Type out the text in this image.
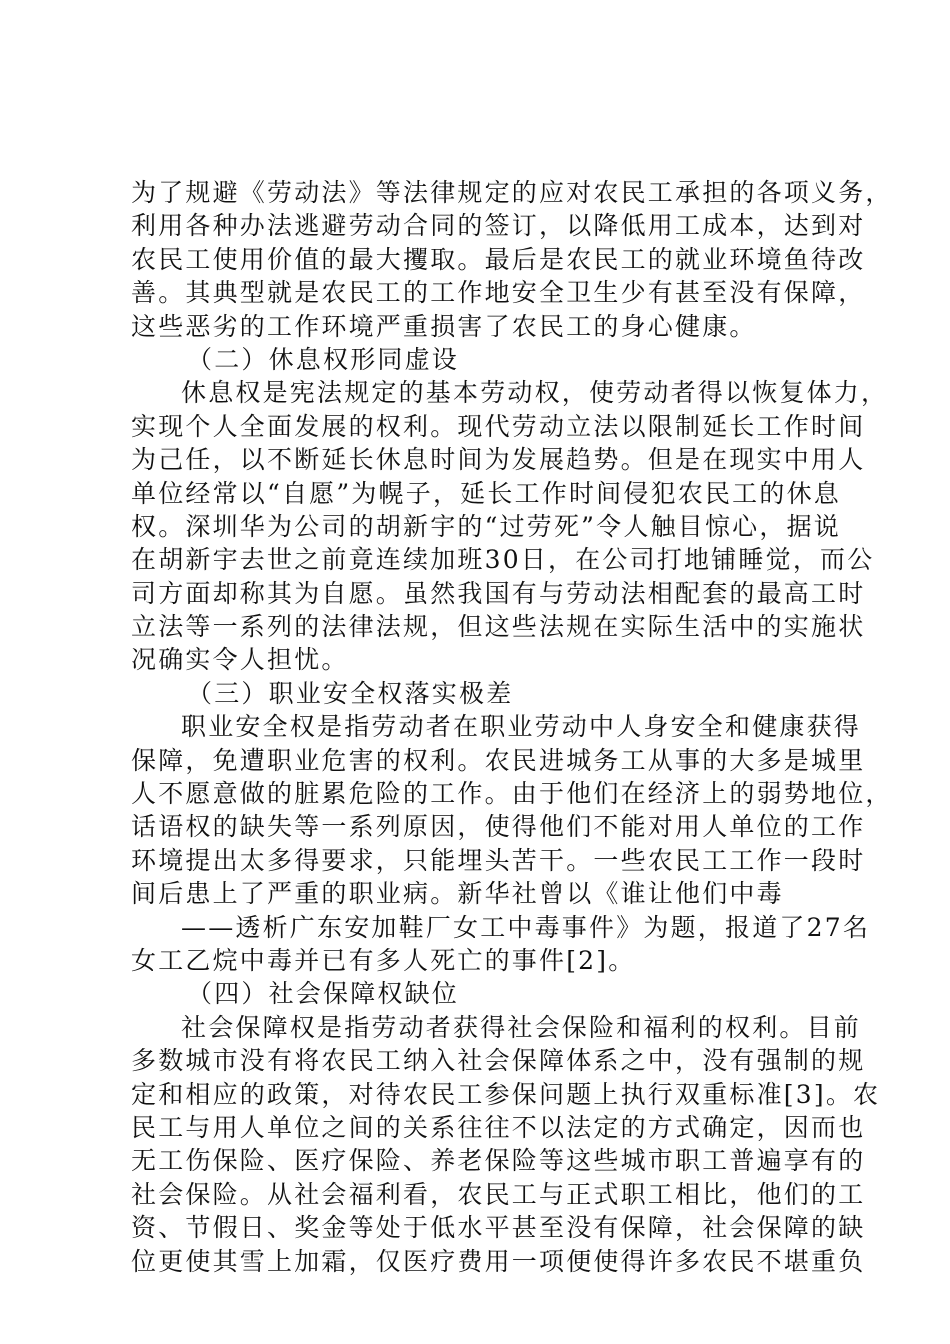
为了规避《劳动法》等法律规定的应对农民工承担的各项义务，
利用各种办法逃避劳动合同的签订，以降低用工成本，达到对
农民工使用价值的最大攫取。最后是农民工的就业环境鱼待改
善。其典型就是农民工的工作地安全卫生少有甚至没有保障，
这些恶劣的工作环境严重损害了农民工的身心健康。
（二）休息权形同虚设
休息权是宪法规定的基本劳动权，使劳动者得以恢复体力，
实现个人全面发展的权利。现代劳动立法以限制延长工作时间
为己任，以不断延长休息时间为发展趋势。但是在现实中用人
单位经常以“自愿”为幌子，延长工作时间侵犯农民工的休息
权。深圳华为公司的胡新宇的“过劳死”令人触目惊心，据说
在胡新宇去世之前竟连续加班30日，在公司打地铺睡觉，而公
司方面却称其为自愿。虽然我国有与劳动法相配套的最高工时
立法等一系列的法律法规，但这些法规在实际生活中的实施状
况确实令人担忧。
（三）职业安全权落实极差
职业安全权是指劳动者在职业劳动中人身安全和健康获得
保障，免遭职业危害的权利。农民进城务工从事的大多是城里
人不愿意做的脏累危险的工作。由于他们在经济上的弱势地位，
话语权的缺失等一系列原因，使得他们不能对用人单位的工作
环境提出太多得要求，只能埋头苦干。一些农民工工作一段时
间后患上了严重的职业病。新华社曾以《谁让他们中毒
——透析广东安加鞋厂女工中毒事件》为题，报道了27名
女工乙烷中毒并已有多人死亡的事件[2]。
（四）社会保障权缺位
社会保障权是指劳动者获得社会保险和福利的权利。目前
多数城市没有将农民工纳入社会保障体系之中，没有强制的规
定和相应的政策，对待农民工参保问题上执行双重标准[3]。农
民工与用人单位之间的关系往往不以法定的方式确定，因而也
无工伤保险、医疗保险、养老保险等这些城市职工普遍享有的
社会保险。从社会福利看，农民工与正式职工相比，他们的工
资、节假日、奖金等处于低水平甚至没有保障，社会保障的缺
位更使其雪上加霜，仅医疗费用一项便使得许多农民不堪重负
